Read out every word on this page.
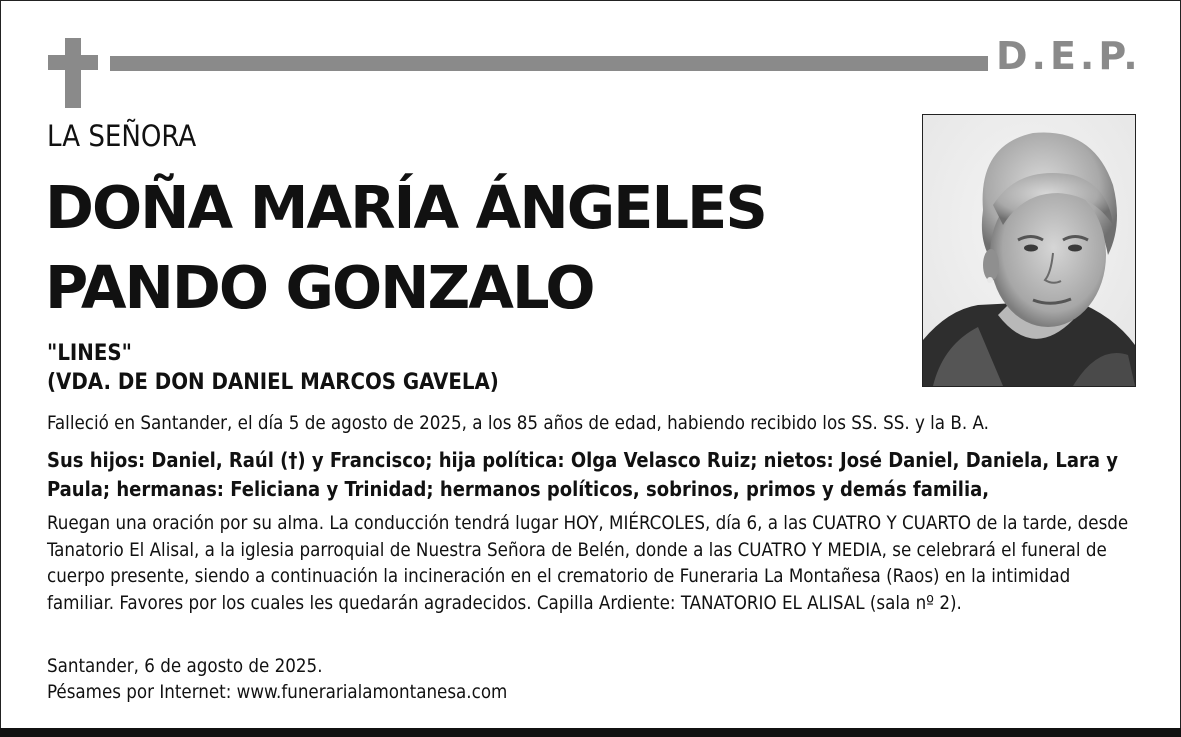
D.E.P.
LA SEÑORA
DOÑA MARÍA ÁNGELES
PANDO GONZALO
"LINES"
(VDA. DE DON DANIEL MARCOS GAVELA)

Falleció en Santander, el día 5 de agosto de 2025, a los 85 años de edad, habiendo recibido los SS. SS. y la B. A.

Sus hijos: Daniel, Raúl (†) y Francisco; hija política: Olga Velasco Ruiz; nietos: José Daniel, Daniela, Lara y Paula; hermanas: Feliciana y Trinidad; hermanos políticos, sobrinos, primos y demás familia,

Ruegan una oración por su alma. La conducción tendrá lugar HOY, MIÉRCOLES, día 6, a las CUATRO Y CUARTO de la tarde, desde Tanatorio El Alisal, a la iglesia parroquial de Nuestra Señora de Belén, donde a las CUATRO Y MEDIA, se celebrará el funeral de cuerpo presente, siendo a continuación la incineración en el crematorio de Funeraria La Montañesa (Raos) en la intimidad familiar. Favores por los cuales les quedarán agradecidos. Capilla Ardiente: TANATORIO EL ALISAL (sala nº 2).

Santander, 6 de agosto de 2025.

Pésames por Internet: www.funerarialamontanesa.com
